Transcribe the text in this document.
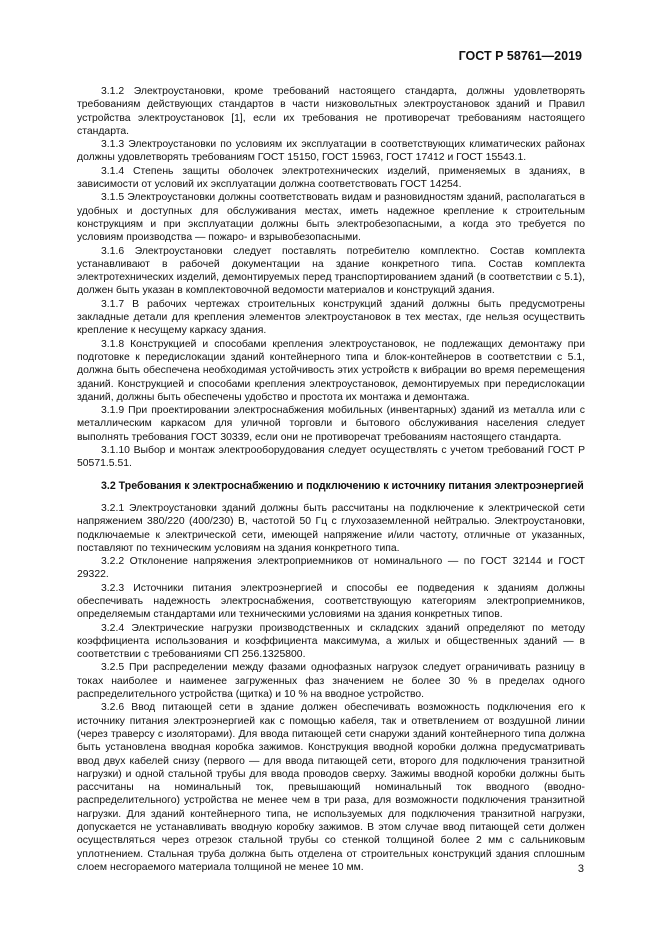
ГОСТ Р 58761—2019

3.1.2 Электроустановки, кроме требований настоящего стандарта, должны удовлетворять требованиям действующих стандартов в части низковольтных электроустановок зданий и Правил устройства электроустановок [1], если их требования не противоречат требованиям настоящего стандарта.

3.1.3 Электроустановки по условиям их эксплуатации в соответствующих климатических районах должны удовлетворять требованиям ГОСТ 15150, ГОСТ 15963, ГОСТ 17412 и ГОСТ 15543.1.

3.1.4 Степень защиты оболочек электротехнических изделий, применяемых в зданиях, в зависимости от условий их эксплуатации должна соответствовать ГОСТ 14254.

3.1.5 Электроустановки должны соответствовать видам и разновидностям зданий, располагаться в удобных и доступных для обслуживания местах, иметь надежное крепление к строительным конструкциям и при эксплуатации должны быть электробезопасными, а когда это требуется по условиям производства — пожаро- и взрывобезопасными.

3.1.6 Электроустановки следует поставлять потребителю комплектно. Состав комплекта устанавливают в рабочей документации на здание конкретного типа. Состав комплекта электротехнических изделий, демонтируемых перед транспортированием зданий (в соответствии с 5.1), должен быть указан в комплектовочной ведомости материалов и конструкций здания.

3.1.7 В рабочих чертежах строительных конструкций зданий должны быть предусмотрены закладные детали для крепления элементов электроустановок в тех местах, где нельзя осуществить крепление к несущему каркасу здания.

3.1.8 Конструкцией и способами крепления электроустановок, не подлежащих демонтажу при подготовке к передислокации зданий контейнерного типа и блок-контейнеров в соответствии с 5.1, должна быть обеспечена необходимая устойчивость этих устройств к вибрации во время перемещения зданий. Конструкцией и способами крепления электроустановок, демонтируемых при передислокации зданий, должны быть обеспечены удобство и простота их монтажа и демонтажа.

3.1.9 При проектировании электроснабжения мобильных (инвентарных) зданий из металла или с металлическим каркасом для уличной торговли и бытового обслуживания населения следует выполнять требования ГОСТ 30339, если они не противоречат требованиям настоящего стандарта.

3.1.10 Выбор и монтаж электрооборудования следует осуществлять с учетом требований ГОСТ Р 50571.5.51.

3.2 Требования к электроснабжению и подключению к источнику питания электроэнергией

3.2.1 Электроустановки зданий должны быть рассчитаны на подключение к электрической сети напряжением 380/220 (400/230) В, частотой 50 Гц с глухозаземленной нейтралью. Электроустановки, подключаемые к электрической сети, имеющей напряжение и/или частоту, отличные от указанных, поставляют по техническим условиям на здания конкретного типа.

3.2.2 Отклонение напряжения электроприемников от номинального — по ГОСТ 32144 и ГОСТ 29322.

3.2.3 Источники питания электроэнергией и способы ее подведения к зданиям должны обеспечивать надежность электроснабжения, соответствующую категориям электроприемников, определяемым стандартами или техническими условиями на здания конкретных типов.

3.2.4 Электрические нагрузки производственных и складских зданий определяют по методу коэффициента использования и коэффициента максимума, а жилых и общественных зданий — в соответствии с требованиями СП 256.1325800.

3.2.5 При распределении между фазами однофазных нагрузок следует ограничивать разницу в токах наиболее и наименее загруженных фаз значением не более 30 % в пределах одного распределительного устройства (щитка) и 10 % на вводное устройство.

3.2.6 Ввод питающей сети в здание должен обеспечивать возможность подключения его к источнику питания электроэнергией как с помощью кабеля, так и ответвлением от воздушной линии (через траверсу с изоляторами). Для ввода питающей сети снаружи зданий контейнерного типа должна быть установлена вводная коробка зажимов. Конструкция вводной коробки должна предусматривать ввод двух кабелей снизу (первого — для ввода питающей сети, второго для подключения транзитной нагрузки) и одной стальной трубы для ввода проводов сверху. Зажимы вводной коробки должны быть рассчитаны на номинальный ток, превышающий номинальный ток вводного (вводно-распределительного) устройства не менее чем в три раза, для возможности подключения транзитной нагрузки. Для зданий контейнерного типа, не используемых для подключения транзитной нагрузки, допускается не устанавливать вводную коробку зажимов. В этом случае ввод питающей сети должен осуществляться через отрезок стальной трубы со стенкой толщиной более 2 мм с сальниковым уплотнением. Стальная труба должна быть отделена от строительных конструкций здания сплошным слоем несгораемого материала толщиной не менее 10 мм.	3
